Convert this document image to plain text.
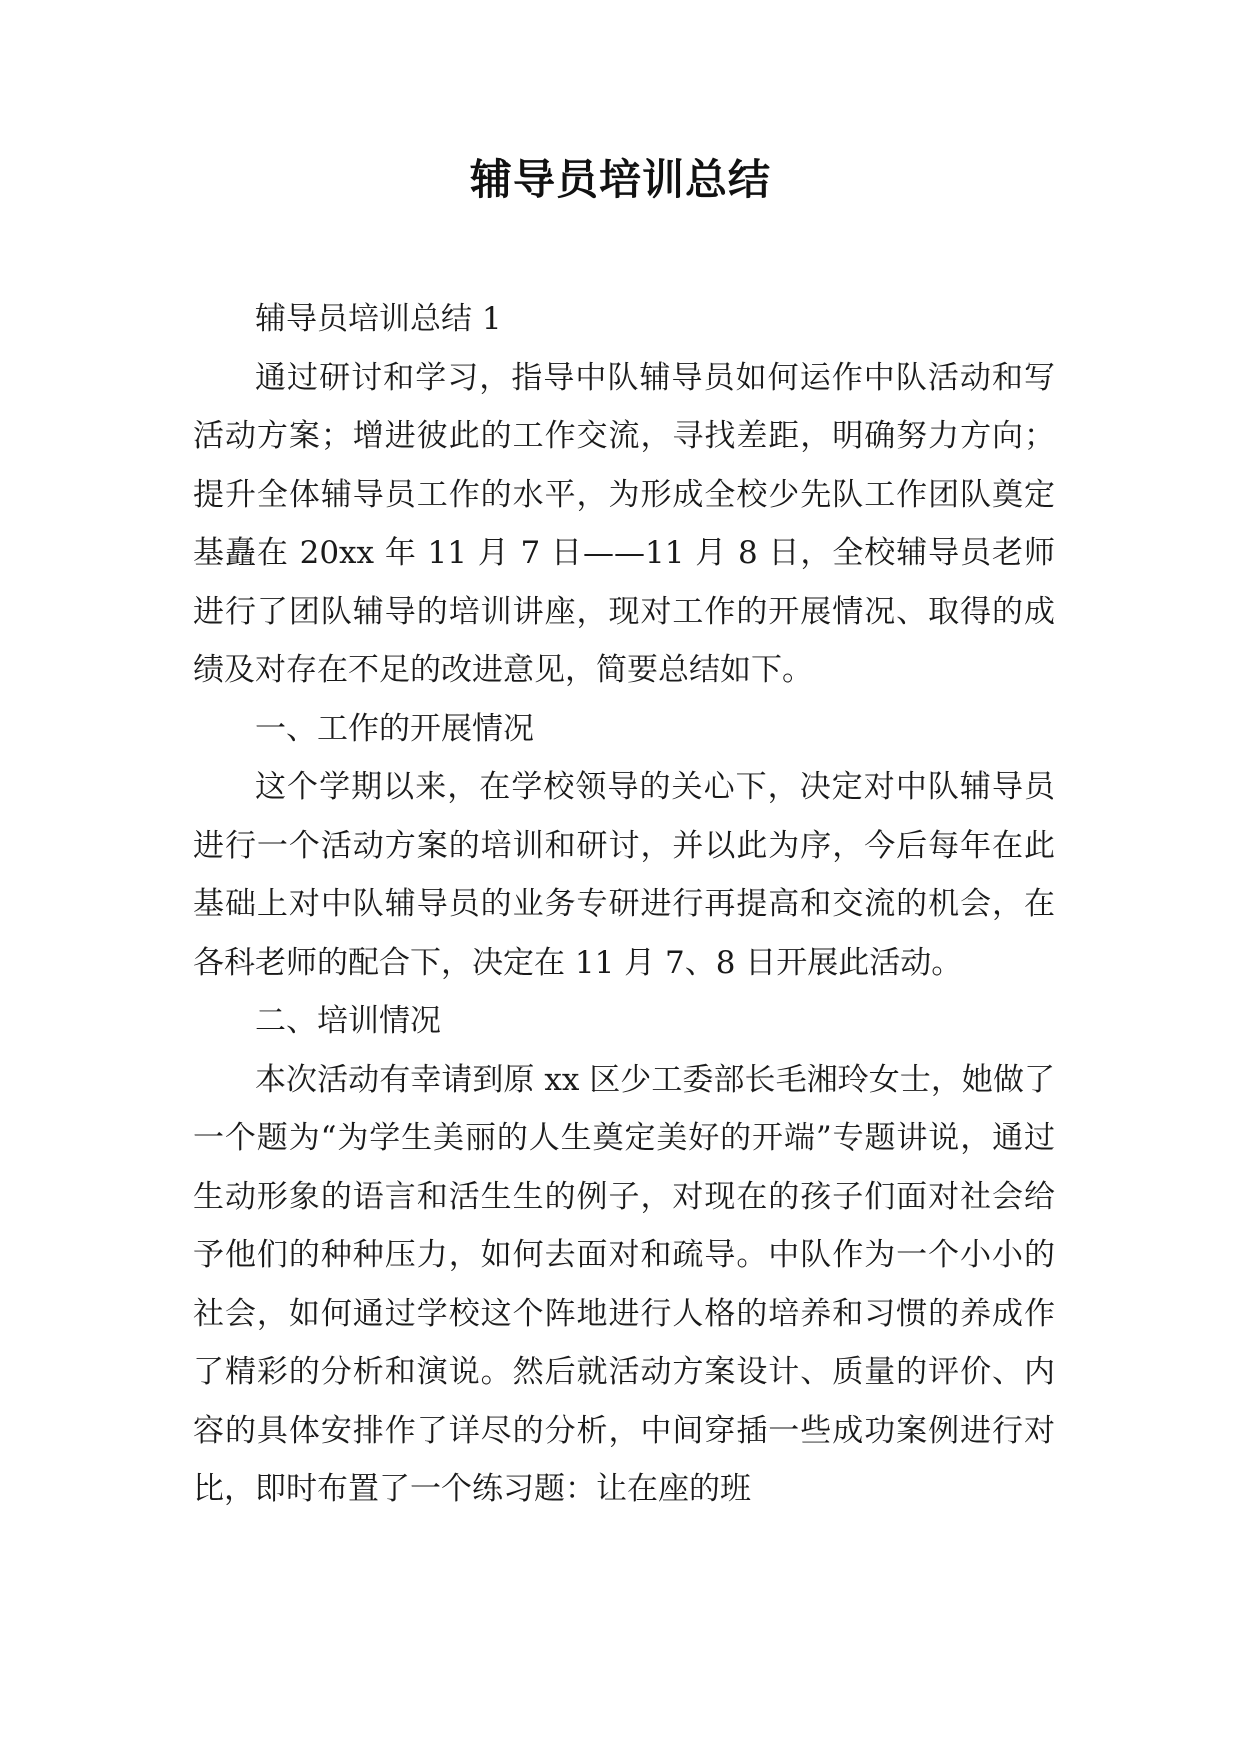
辅导员培训总结

辅导员培训总结 1

通过研讨和学习，指导中队辅导员如何运作中队活动和写活动方案；增进彼此的工作交流，寻找差距，明确努力方向；提升全体辅导员工作的水平，为形成全校少先队工作团队奠定基矗在 20xx 年 11 月 7 日——11 月 8 日，全校辅导员老师进行了团队辅导的培训讲座，现对工作的开展情况、取得的成绩及对存在不足的改进意见，简要总结如下。

一、工作的开展情况

这个学期以来，在学校领导的关心下，决定对中队辅导员进行一个活动方案的培训和研讨，并以此为序，今后每年在此基础上对中队辅导员的业务专研进行再提高和交流的机会，在各科老师的配合下，决定在 11 月 7、8 日开展此活动。

二、培训情况

本次活动有幸请到原 xx 区少工委部长毛湘玲女士，她做了一个题为“为学生美丽的人生奠定美好的开端”专题讲说，通过生动形象的语言和活生生的例子，对现在的孩子们面对社会给予他们的种种压力，如何去面对和疏导。中队作为一个小小的社会，如何通过学校这个阵地进行人格的培养和习惯的养成作了精彩的分析和演说。然后就活动方案设计、质量的评价、内容的具体安排作了详尽的分析，中间穿插一些成功案例进行对比，即时布置了一个练习题：让在座的班
